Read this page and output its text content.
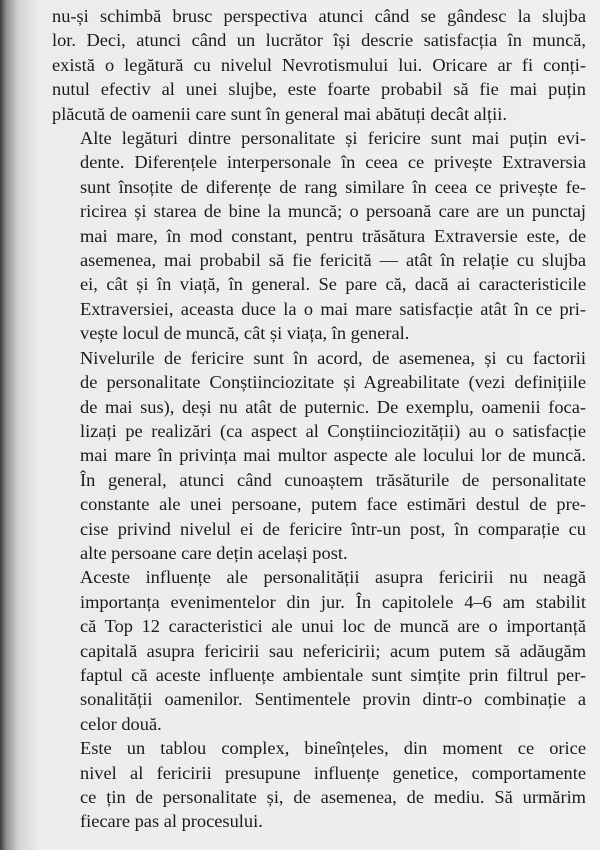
nu-și schimbă brusc perspectiva atunci când se gândesc la slujba
lor. Deci, atunci când un lucrător își descrie satisfacția în muncă,
există o legătură cu nivelul Nevrotismului lui. Oricare ar fi conți-
nutul efectiv al unei slujbe, este foarte probabil să fie mai puțin
plăcută de oamenii care sunt în general mai abătuți decât alții.

Alte legături dintre personalitate și fericire sunt mai puțin evi-
dente. Diferențele interpersonale în ceea ce privește Extraversia
sunt însoțite de diferențe de rang similare în ceea ce privește fe-
ricirea și starea de bine la muncă; o persoană care are un punctaj
mai mare, în mod constant, pentru trăsătura Extraversie este, de
asemenea, mai probabil să fie fericită — atât în relație cu slujba
ei, cât și în viață, în general. Se pare că, dacă ai caracteristicile
Extraversiei, aceasta duce la o mai mare satisfacție atât în ce pri-
vește locul de muncă, cât și viața, în general.

Nivelurile de fericire sunt în acord, de asemenea, și cu factorii
de personalitate Conștiinciozitate și Agreabilitate (vezi definițiile
de mai sus), deși nu atât de puternic. De exemplu, oamenii foca-
lizați pe realizări (ca aspect al Conștiinciozității) au o satisfacție
mai mare în privința mai multor aspecte ale locului lor de muncă.
În general, atunci când cunoaștem trăsăturile de personalitate
constante ale unei persoane, putem face estimări destul de pre-
cise privind nivelul ei de fericire într-un post, în comparație cu
alte persoane care dețin același post.

Aceste influențe ale personalității asupra fericirii nu neagă
importanța evenimentelor din jur. În capitolele 4–6 am stabilit
că Top 12 caracteristici ale unui loc de muncă are o importanță
capitală asupra fericirii sau nefericirii; acum putem să adăugăm
faptul că aceste influențe ambientale sunt simțite prin filtrul per-
sonalității oamenilor. Sentimentele provin dintr-o combinație a
celor două.

Este un tablou complex, bineînțeles, din moment ce orice
nivel al fericirii presupune influențe genetice, comportamente
ce țin de personalitate și, de asemenea, de mediu. Să urmărim
fiecare pas al procesului.
